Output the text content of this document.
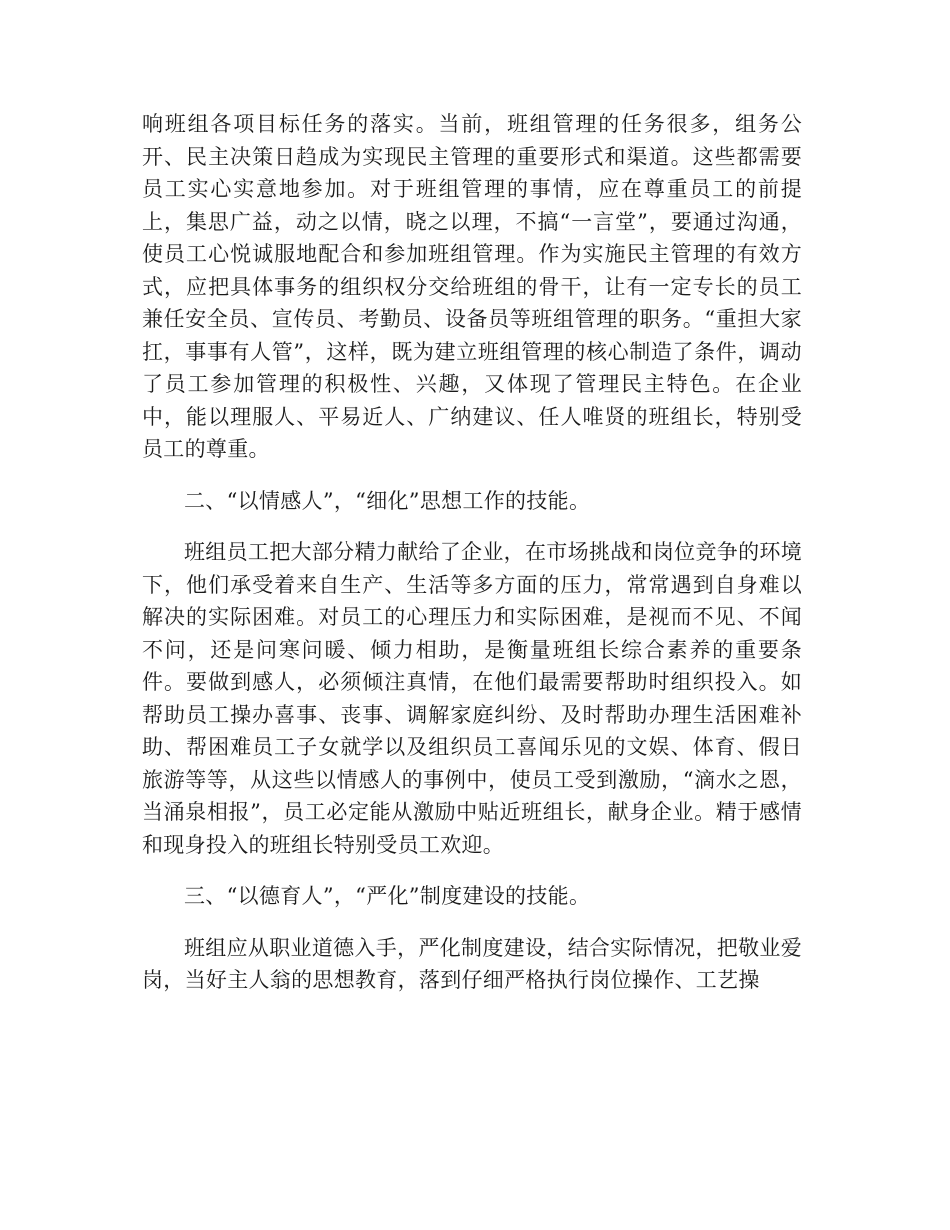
响班组各项目标任务的落实。当前，班组管理的任务很多，组务公开、民主决策日趋成为实现民主管理的重要形式和渠道。这些都需要员工实心实意地参加。对于班组管理的事情，应在尊重员工的前提上，集思广益，动之以情，晓之以理，不搞“一言堂”，要通过沟通，使员工心悦诚服地配合和参加班组管理。作为实施民主管理的有效方式，应把具体事务的组织权分交给班组的骨干，让有一定专长的员工兼任安全员、宣传员、考勤员、设备员等班组管理的职务。“重担大家扛，事事有人管”，这样，既为建立班组管理的核心制造了条件，调动了员工参加管理的积极性、兴趣，又体现了管理民主特色。在企业中，能以理服人、平易近人、广纳建议、任人唯贤的班组长，特别受员工的尊重。

二、“以情感人”，“细化”思想工作的技能。

班组员工把大部分精力献给了企业，在市场挑战和岗位竞争的环境下，他们承受着来自生产、生活等多方面的压力，常常遇到自身难以解决的实际困难。对员工的心理压力和实际困难，是视而不见、不闻不问，还是问寒问暖、倾力相助，是衡量班组长综合素养的重要条件。要做到感人，必须倾注真情，在他们最需要帮助时组织投入。如帮助员工操办喜事、丧事、调解家庭纠纷、及时帮助办理生活困难补助、帮困难员工子女就学以及组织员工喜闻乐见的文娱、体育、假日旅游等等，从这些以情感人的事例中，使员工受到激励，“滴水之恩，当涌泉相报”，员工必定能从激励中贴近班组长，献身企业。精于感情和现身投入的班组长特别受员工欢迎。

三、“以德育人”，“严化”制度建设的技能。

班组应从职业道德入手，严化制度建设，结合实际情况，把敬业爱岗，当好主人翁的思想教育，落到仔细严格执行岗位操作、工艺操
